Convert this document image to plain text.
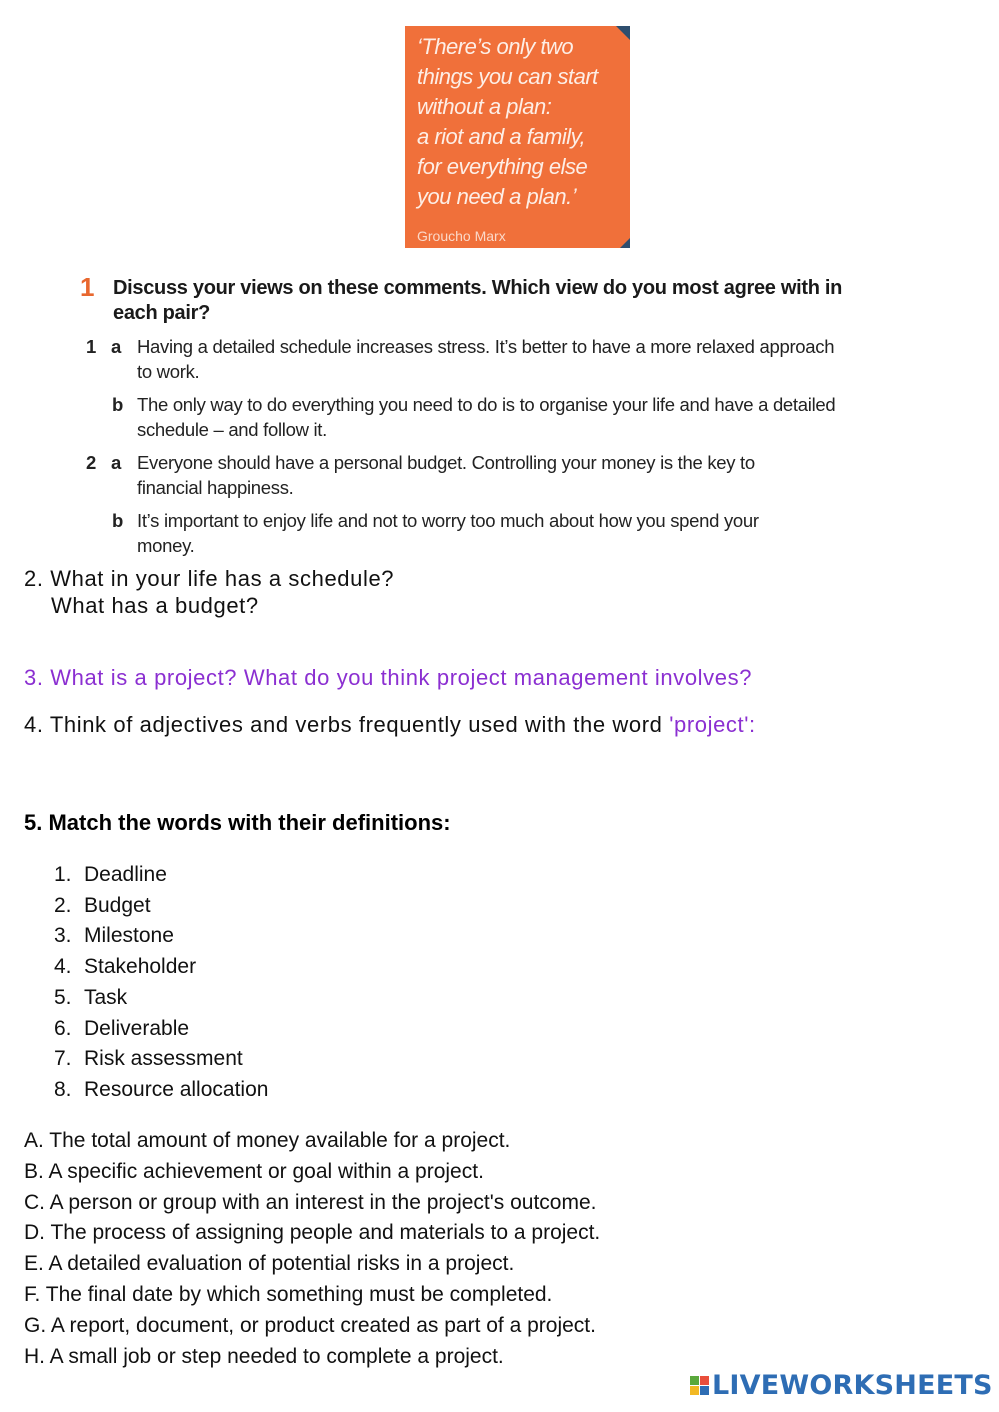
‘There’s only two
things you can start
without a plan:
a riot and a family,
for everything else
you need a plan.’
Groucho Marx
1 Discuss your views on these comments. Which view do you most agree with in each pair?
1 a Having a detailed schedule increases stress. It’s better to have a more relaxed approach to work.
b The only way to do everything you need to do is to organise your life and have a detailed schedule – and follow it.
2 a Everyone should have a personal budget. Controlling your money is the key to financial happiness.
b It’s important to enjoy life and not to worry too much about how you spend your money.
2. What in your life has a schedule?
What has a budget?
3. What is a project? What do you think project management involves?
4. Think of adjectives and verbs frequently used with the word 'project':
5. Match the words with their definitions:
1. Deadline
2. Budget
3. Milestone
4. Stakeholder
5. Task
6. Deliverable
7. Risk assessment
8. Resource allocation
A. The total amount of money available for a project.
B. A specific achievement or goal within a project.
C. A person or group with an interest in the project's outcome.
D. The process of assigning people and materials to a project.
E. A detailed evaluation of potential risks in a project.
F. The final date by which something must be completed.
G. A report, document, or product created as part of a project.
H. A small job or step needed to complete a project.
LIVEWORKSHEETS
